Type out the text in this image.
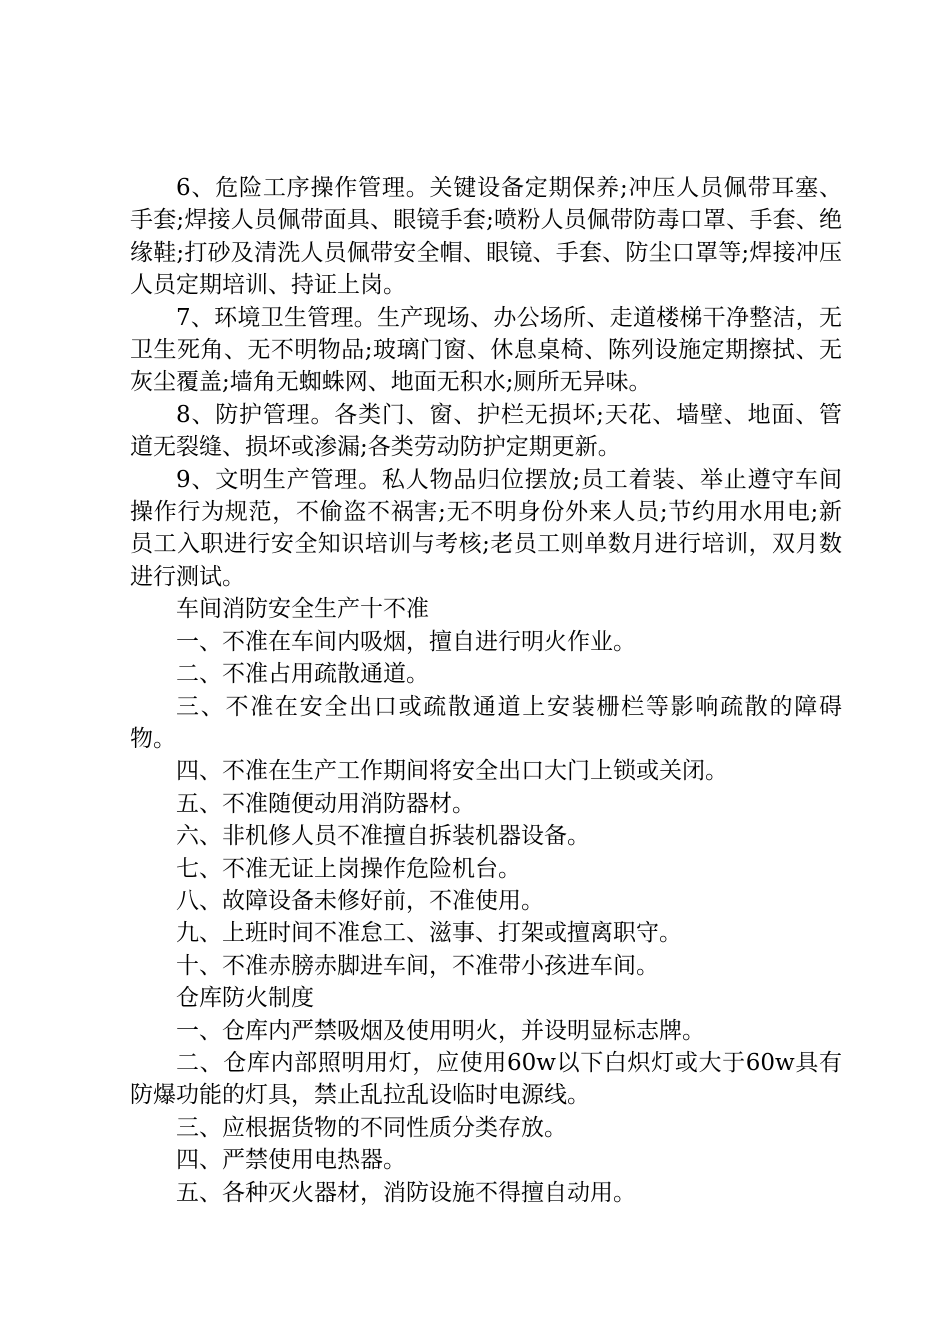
6、危险工序操作管理。关键设备定期保养;冲压人员佩带耳塞、手套;焊接人员佩带面具、眼镜手套;喷粉人员佩带防毒口罩、手套、绝缘鞋;打砂及清洗人员佩带安全帽、眼镜、手套、防尘口罩等;焊接冲压人员定期培训、持证上岗。

7、环境卫生管理。生产现场、办公场所、走道楼梯干净整洁，无卫生死角、无不明物品;玻璃门窗、休息桌椅、陈列设施定期擦拭、无灰尘覆盖;墙角无蜘蛛网、地面无积水;厕所无异味。

8、防护管理。各类门、窗、护栏无损坏;天花、墙壁、地面、管道无裂缝、损坏或渗漏;各类劳动防护定期更新。

9、文明生产管理。私人物品归位摆放;员工着装、举止遵守车间操作行为规范，不偷盗不祸害;无不明身份外来人员;节约用水用电;新员工入职进行安全知识培训与考核;老员工则单数月进行培训，双月数进行测试。

车间消防安全生产十不准

一、不准在车间内吸烟，擅自进行明火作业。

二、不准占用疏散通道。

三、不准在安全出口或疏散通道上安装栅栏等影响疏散的障碍物。

四、不准在生产工作期间将安全出口大门上锁或关闭。

五、不准随便动用消防器材。

六、非机修人员不准擅自拆装机器设备。

七、不准无证上岗操作危险机台。

八、故障设备未修好前，不准使用。

九、上班时间不准怠工、滋事、打架或擅离职守。

十、不准赤膀赤脚进车间，不准带小孩进车间。

仓库防火制度

一、仓库内严禁吸烟及使用明火，并设明显标志牌。

二、仓库内部照明用灯，应使用60w以下白炽灯或大于60w具有防爆功能的灯具，禁止乱拉乱设临时电源线。

三、应根据货物的不同性质分类存放。

四、严禁使用电热器。

五、各种灭火器材，消防设施不得擅自动用。
